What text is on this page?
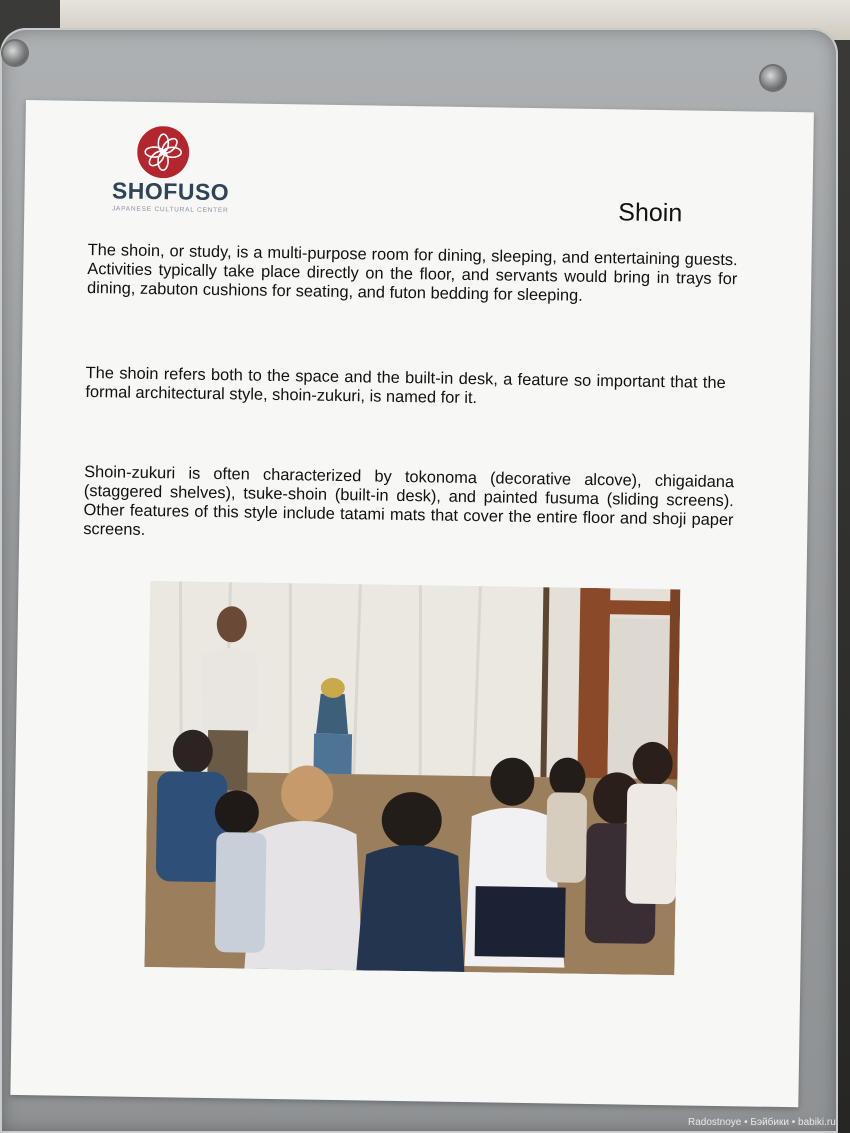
SHOFUSO
JAPANESE CULTURAL CENTER	Shoin

The shoin, or study, is a multi-purpose room for dining, sleeping, and entertaining guests. Activities typically take place directly on the floor, and servants would bring in trays for dining, zabuton cushions for seating, and futon bedding for sleeping.

The shoin refers both to the space and the built-in desk, a feature so important that the formal architectural style, shoin-zukuri, is named for it.

Shoin-zukuri is often characterized by tokonoma (decorative alcove), chigaidana (staggered shelves), tsuke-shoin (built-in desk), and painted fusuma (sliding screens). Other features of this style include tatami mats that cover the entire floor and shoji paper screens.

Radostnoye • Бэйбики • babiki.ru
